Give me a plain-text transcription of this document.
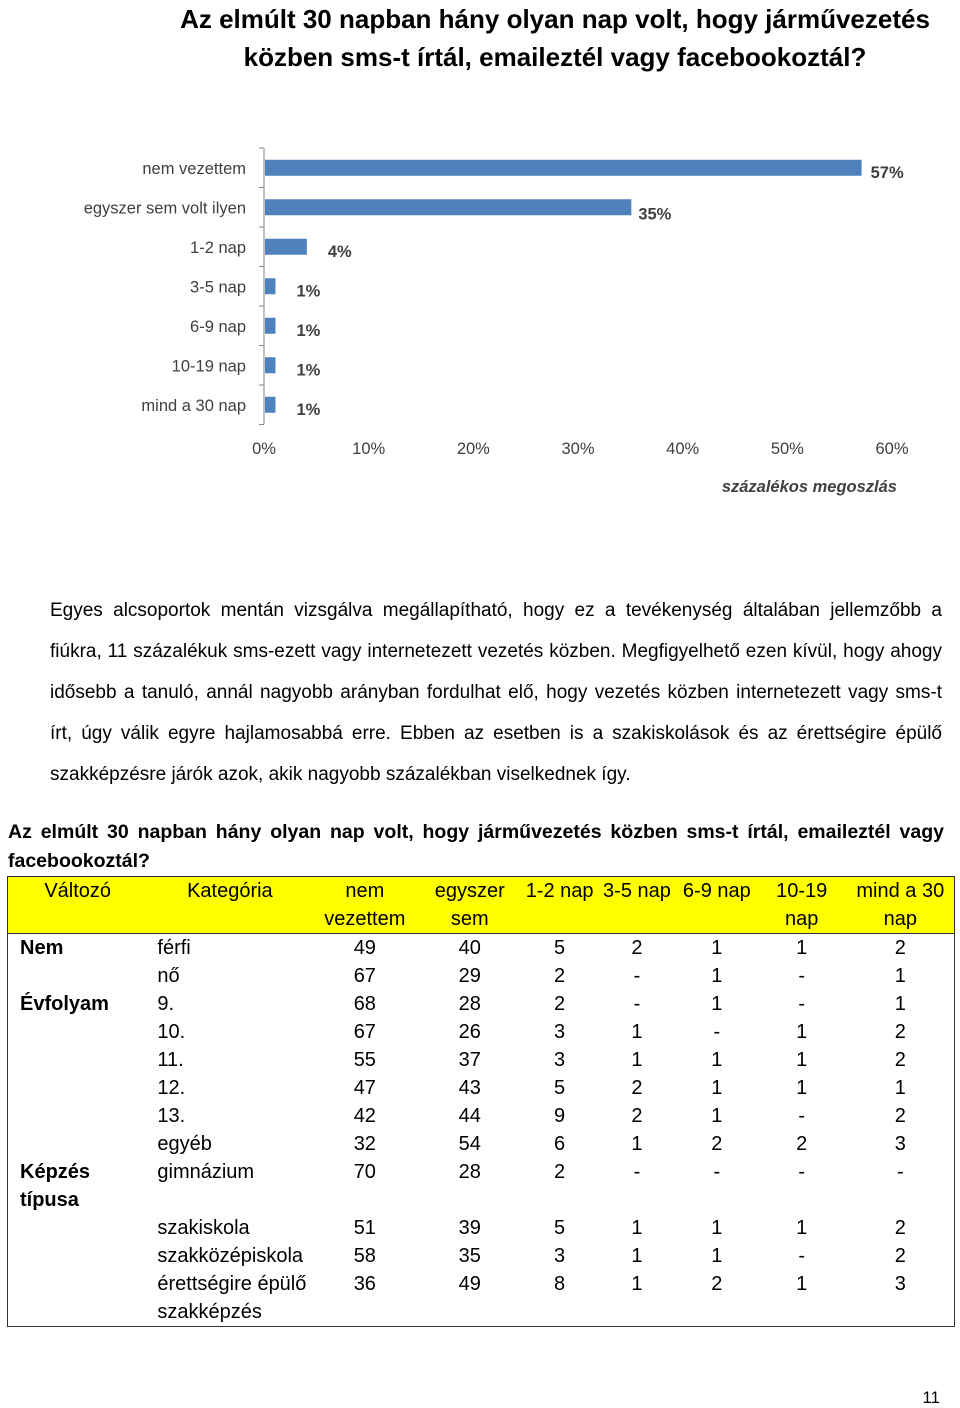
Az elmúlt 30 napban hány olyan nap volt, hogy járművezetés közben sms-t írtál, emaileztél vagy facebookoztál?
nem vezettem	57%
egyszer sem volt ilyen	35%
1-2 nap	4%
3-5 nap	1%
6-9 nap	1%
10-19 nap	1%
mind a 30 nap	1%
0%	10%	20%	30%	40%	50%	60%
százalékos megoszlás

Egyes alcsoportok mentán vizsgálva megállapítható, hogy ez a tevékenység általában jellemzőbb a fiúkra, 11 százalékuk sms-ezett vagy internetezett vezetés közben. Megfigyelhető ezen kívül, hogy ahogy idősebb a tanuló, annál nagyobb arányban fordulhat elő, hogy vezetés közben internetezett vagy sms-t írt, úgy válik egyre hajlamosabbá erre. Ebben az esetben is a szakiskolások és az érettségire épülő szakképzésre járók azok, akik nagyobb százalékban viselkednek így.

Az elmúlt 30 napban hány olyan nap volt, hogy járművezetés közben sms-t írtál, emaileztél vagy facebookoztál?

Változó	Kategória	nem vezettem	egyszer sem	1-2 nap	3-5 nap	6-9 nap	10-19 nap	mind a 30 nap
Nem	férfi	49	40	5	2	1	1	2
	nő	67	29	2	-	1	-	1
Évfolyam	9.	68	28	2	-	1	-	1
	10.	67	26	3	1	-	1	2
	11.	55	37	3	1	1	1	2
	12.	47	43	5	2	1	1	1
	13.	42	44	9	2	1	-	2
	egyéb	32	54	6	1	2	2	3
Képzés típusa	gimnázium	70	28	2	-	-	-	-
	szakiskola	51	39	5	1	1	1	2
	szakközépiskola	58	35	3	1	1	-	2
	érettségire épülő szakképzés	36	49	8	1	2	1	3
11
